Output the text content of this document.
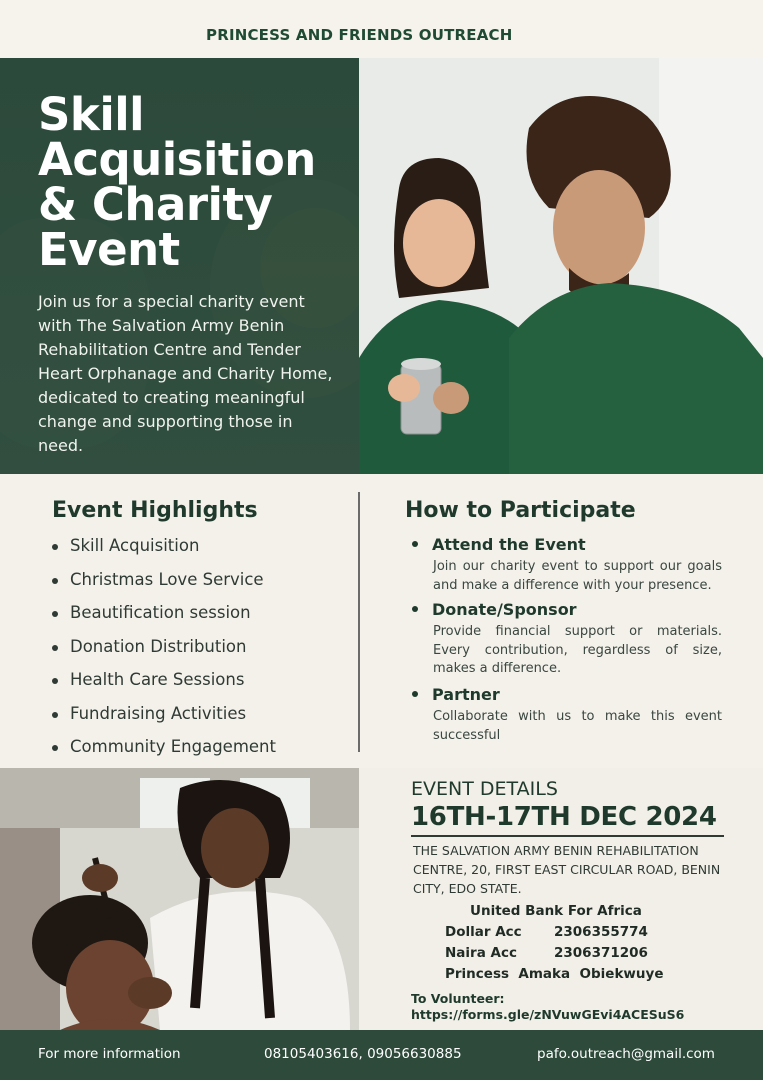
PRINCESS AND FRIENDS OUTREACH
Skill
Acquisition
& Charity
Event
Join us for a special charity event with The Salvation Army Benin Rehabilitation Centre and Tender Heart Orphanage and Charity Home, dedicated to creating meaningful change and supporting those in need.
Event Highlights
Skill Acquisition
Christmas Love Service
Beautification session
Donation Distribution
Health Care Sessions
Fundraising Activities
Community Engagement
How to Participate
Attend the Event
Join our charity event to support our goals and make a difference with your presence.
Donate/Sponsor
Provide financial support or materials. Every contribution, regardless of size, makes a difference.
Partner
Collaborate with us to make this event successful
EVENT DETAILS
16TH-17TH DEC 2024
THE SALVATION ARMY BENIN REHABILITATION CENTRE, 20, FIRST EAST CIRCULAR ROAD, BENIN CITY, EDO STATE.
United Bank For Africa
Dollar Acc	2306355774
Naira Acc	2306371206
Princess  Amaka  Obiekwuye
To Volunteer:
https://forms.gle/zNVuwGEvi4ACESuS6
For more information	08105403616, 09056630885	pafo.outreach@gmail.com
